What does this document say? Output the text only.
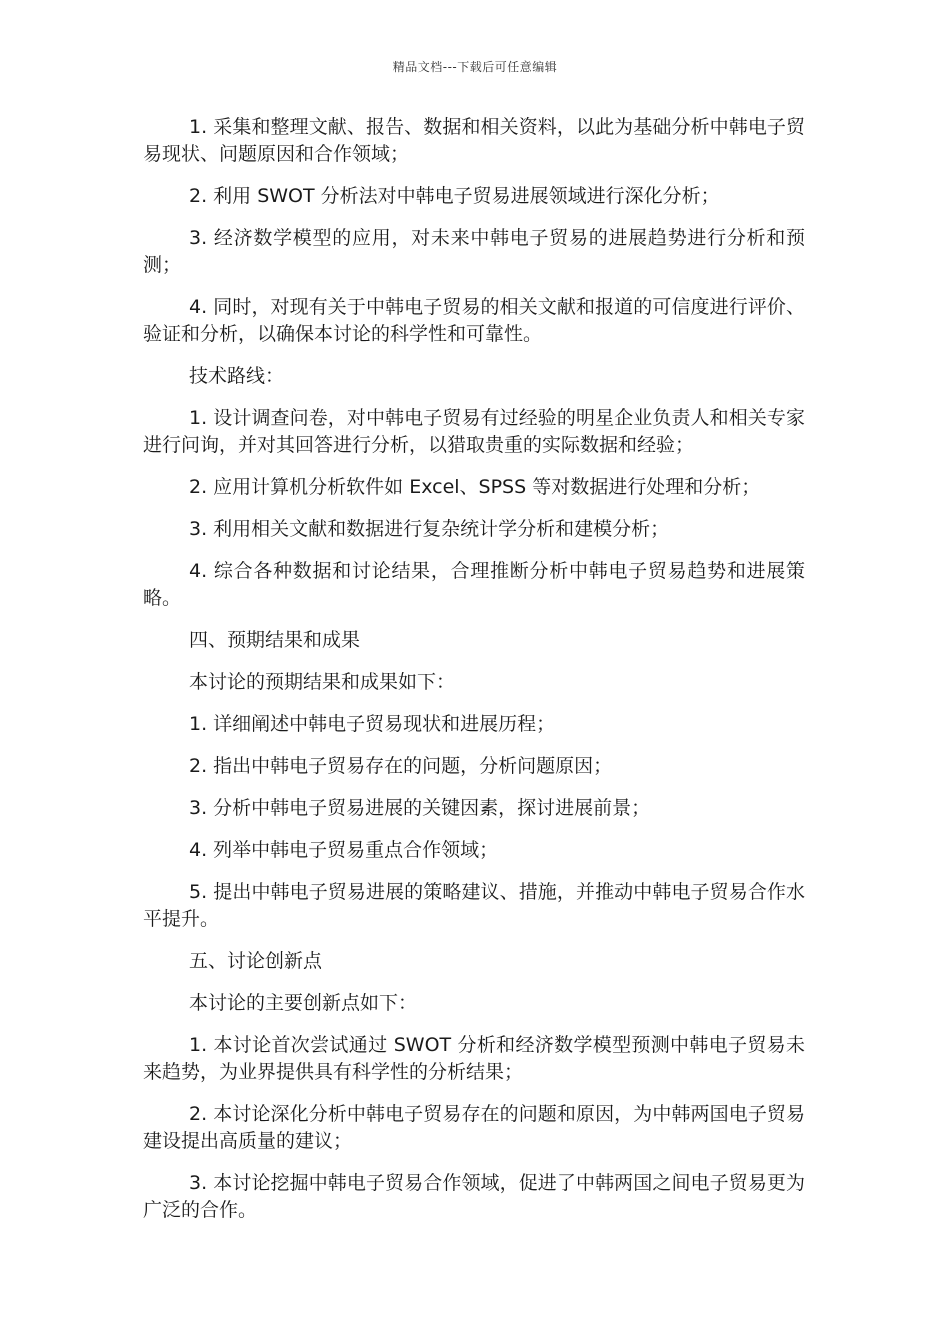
精品文档---下载后可任意编辑

1. 采集和整理文献、报告、数据和相关资料，以此为基础分析中韩电子贸易现状、问题原因和合作领域；

2. 利用 SWOT 分析法对中韩电子贸易进展领域进行深化分析；

3. 经济数学模型的应用，对未来中韩电子贸易的进展趋势进行分析和预测；

4. 同时，对现有关于中韩电子贸易的相关文献和报道的可信度进行评价、验证和分析，以确保本讨论的科学性和可靠性。

技术路线：

1. 设计调查问卷，对中韩电子贸易有过经验的明星企业负责人和相关专家进行问询，并对其回答进行分析，以猎取贵重的实际数据和经验；

2. 应用计算机分析软件如 Excel、SPSS 等对数据进行处理和分析；

3. 利用相关文献和数据进行复杂统计学分析和建模分析；

4. 综合各种数据和讨论结果，合理推断分析中韩电子贸易趋势和进展策略。

四、预期结果和成果

本讨论的预期结果和成果如下：

1. 详细阐述中韩电子贸易现状和进展历程；

2. 指出中韩电子贸易存在的问题，分析问题原因；

3. 分析中韩电子贸易进展的关键因素，探讨进展前景；

4. 列举中韩电子贸易重点合作领域；

5. 提出中韩电子贸易进展的策略建议、措施，并推动中韩电子贸易合作水平提升。

五、讨论创新点

本讨论的主要创新点如下：

1. 本讨论首次尝试通过 SWOT 分析和经济数学模型预测中韩电子贸易未来趋势，为业界提供具有科学性的分析结果；

2. 本讨论深化分析中韩电子贸易存在的问题和原因，为中韩两国电子贸易建设提出高质量的建议；

3. 本讨论挖掘中韩电子贸易合作领域，促进了中韩两国之间电子贸易更为广泛的合作。
